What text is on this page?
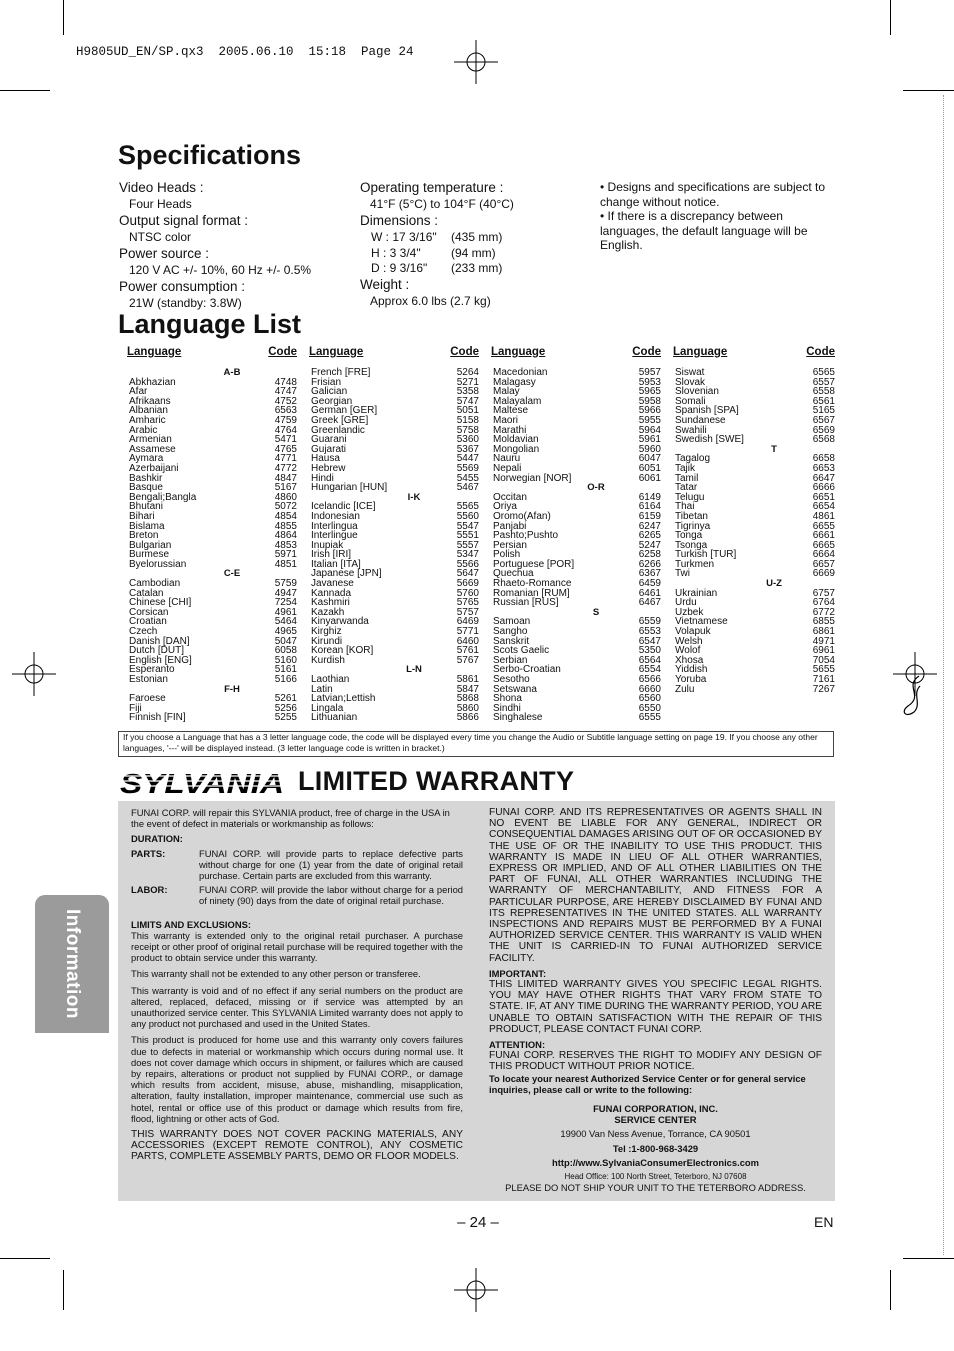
H9805UD_EN/SP.qx3  2005.06.10  15:18  Page 24
Specifications
Video Heads :
Four Heads
Output signal format :
NTSC color
Power source :
120 V AC +/- 10%, 60 Hz +/- 0.5%
Power consumption :
21W (standby: 3.8W)
Operating temperature :
41°F (5°C) to 104°F (40°C)
Dimensions :
W : 17 3/16"	(435 mm)
H : 3 3/4"	(94 mm)
D : 9 3/16"	(233 mm)
Weight :
Approx 6.0 lbs (2.7 kg)
• Designs and specifications are subject to change without notice.
• If there is a discrepancy between languages, the default language will be English.
Language List
Language	Code
A-B
Abkhazian	4748
Afar	4747
Afrikaans	4752
Albanian	6563
Amharic	4759
Arabic	4764
Armenian	5471
Assamese	4765
Aymara	4771
Azerbaijani	4772
Bashkir	4847
Basque	5167
Bengali;Bangla	4860
Bhutani	5072
Bihari	4854
Bislama	4855
Breton	4864
Bulgarian	4853
Burmese	5971
Byelorussian	4851
C-E
Cambodian	5759
Catalan	4947
Chinese [CHI]	7254
Corsican	4961
Croatian	5464
Czech	4965
Danish [DAN]	5047
Dutch [DUT]	6058
English [ENG]	5160
Esperanto	5161
Estonian	5166
F-H
Faroese	5261
Fiji	5256
Finnish [FIN]	5255
Language	Code
French [FRE]	5264
Frisian	5271
Galician	5358
Georgian	5747
German [GER]	5051
Greek [GRE]	5158
Greenlandic	5758
Guarani	5360
Gujarati	5367
Hausa	5447
Hebrew	5569
Hindi	5455
Hungarian [HUN]	5467
I-K
Icelandic [ICE]	5565
Indonesian	5560
Interlingua	5547
Interlingue	5551
Inupiak	5557
Irish [IRI]	5347
Italian [ITA]	5566
Japanese [JPN]	5647
Javanese	5669
Kannada	5760
Kashmiri	5765
Kazakh	5757
Kinyarwanda	6469
Kirghiz	5771
Kirundi	6460
Korean [KOR]	5761
Kurdish	5767
L-N
Laothian	5861
Latin	5847
Latvian;Lettish	5868
Lingala	5860
Lithuanian	5866
Language	Code
Macedonian	5957
Malagasy	5953
Malay	5965
Malayalam	5958
Maltese	5966
Maori	5955
Marathi	5964
Moldavian	5961
Mongolian	5960
Nauru	6047
Nepali	6051
Norwegian [NOR]	6061
O-R
Occitan	6149
Oriya	6164
Oromo(Afan)	6159
Panjabi	6247
Pashto;Pushto	6265
Persian	5247
Polish	6258
Portuguese [POR]	6266
Quechua	6367
Rhaeto-Romance	6459
Romanian [RUM]	6461
Russian [RUS]	6467
S
Samoan	6559
Sangho	6553
Sanskrit	6547
Scots Gaelic	5350
Serbian	6564
Serbo-Croatian	6554
Sesotho	6566
Setswana	6660
Shona	6560
Sindhi	6550
Singhalese	6555
Language	Code
Siswat	6565
Slovak	6557
Slovenian	6558
Somali	6561
Spanish [SPA]	5165
Sundanese	6567
Swahili	6569
Swedish [SWE]	6568
T
Tagalog	6658
Tajik	6653
Tamil	6647
Tatar	6666
Telugu	6651
Thai	6654
Tibetan	4861
Tigrinya	6655
Tonga	6661
Tsonga	6665
Turkish [TUR]	6664
Turkmen	6657
Twi	6669
U-Z
Ukrainian	6757
Urdu	6764
Uzbek	6772
Vietnamese	6855
Volapuk	6861
Welsh	4971
Wolof	6961
Xhosa	7054
Yiddish	5655
Yoruba	7161
Zulu	7267
If you choose a Language that has a 3 letter language code, the code will be displayed every time you change the Audio or Subtitle language setting on page 19. If you choose any other languages, '---' will be displayed instead. (3 letter language code is written in bracket.)
SYLVANIA LIMITED WARRANTY
FUNAI CORP. will repair this SYLVANIA product, free of charge in the USA in the event of defect in materials or workmanship as follows:
DURATION:
PARTS:	FUNAI CORP. will provide parts to replace defective parts without charge for one (1) year from the date of original retail purchase. Certain parts are excluded from this warranty.
LABOR:	FUNAI CORP. will provide the labor without charge for a period of ninety (90) days from the date of original retail purchase.
LIMITS AND EXCLUSIONS:
This warranty is extended only to the original retail purchaser. A purchase receipt or other proof of original retail purchase will be required together with the product to obtain service under this warranty.
This warranty shall not be extended to any other person or transferee.
This warranty is void and of no effect if any serial numbers on the product are altered, replaced, defaced, missing or if service was attempted by an unauthorized service center. This SYLVANIA Limited warranty does not apply to any product not purchased and used in the United States.
This product is produced for home use and this warranty only covers failures due to defects in material or workmanship which occurs during normal use. It does not cover damage which occurs in shipment, or failures which are caused by repairs, alterations or product not supplied by FUNAI CORP., or damage which results from accident, misuse, abuse, mishandling, misapplication, alteration, faulty installation, improper maintenance, commercial use such as hotel, rental or office use of this product or damage which results from fire, flood, lightning or other acts of God.
THIS WARRANTY DOES NOT COVER PACKING MATERIALS, ANY ACCESSORIES (EXCEPT REMOTE CONTROL), ANY COSMETIC PARTS, COMPLETE ASSEMBLY PARTS, DEMO OR FLOOR MODELS.
FUNAI CORP. AND ITS REPRESENTATIVES OR AGENTS SHALL IN NO EVENT BE LIABLE FOR ANY GENERAL, INDIRECT OR CONSEQUENTIAL DAMAGES ARISING OUT OF OR OCCASIONED BY THE USE OF OR THE INABILITY TO USE THIS PRODUCT. THIS WARRANTY IS MADE IN LIEU OF ALL OTHER WARRANTIES, EXPRESS OR IMPLIED, AND OF ALL OTHER LIABILITIES ON THE PART OF FUNAI, ALL OTHER WARRANTIES INCLUDING THE WARRANTY OF MERCHANTABILITY, AND FITNESS FOR A PARTICULAR PURPOSE, ARE HEREBY DISCLAIMED BY FUNAI AND ITS REPRESENTATIVES IN THE UNITED STATES. ALL WARRANTY INSPECTIONS AND REPAIRS MUST BE PERFORMED BY A FUNAI AUTHORIZED SERVICE CENTER. THIS WARRANTY IS VALID WHEN THE UNIT IS CARRIED-IN TO FUNAI AUTHORIZED SERVICE FACILITY.
IMPORTANT:
THIS LIMITED WARRANTY GIVES YOU SPECIFIC LEGAL RIGHTS. YOU MAY HAVE OTHER RIGHTS THAT VARY FROM STATE TO STATE. IF, AT ANY TIME DURING THE WARRANTY PERIOD, YOU ARE UNABLE TO OBTAIN SATISFACTION WITH THE REPAIR OF THIS PRODUCT, PLEASE CONTACT FUNAI CORP.
ATTENTION:
FUNAI CORP. RESERVES THE RIGHT TO MODIFY ANY DESIGN OF THIS PRODUCT WITHOUT PRIOR NOTICE.
To locate your nearest Authorized Service Center or for general service inquiries, please call or write to the following:
FUNAI CORPORATION, INC.
SERVICE CENTER
19900 Van Ness Avenue, Torrance, CA 90501
Tel :1-800-968-3429
http://www.SylvaniaConsumerElectronics.com
Head Office: 100 North Street, Teterboro, NJ 07608
PLEASE DO NOT SHIP YOUR UNIT TO THE TETERBORO ADDRESS.
Information
– 24 –	EN
